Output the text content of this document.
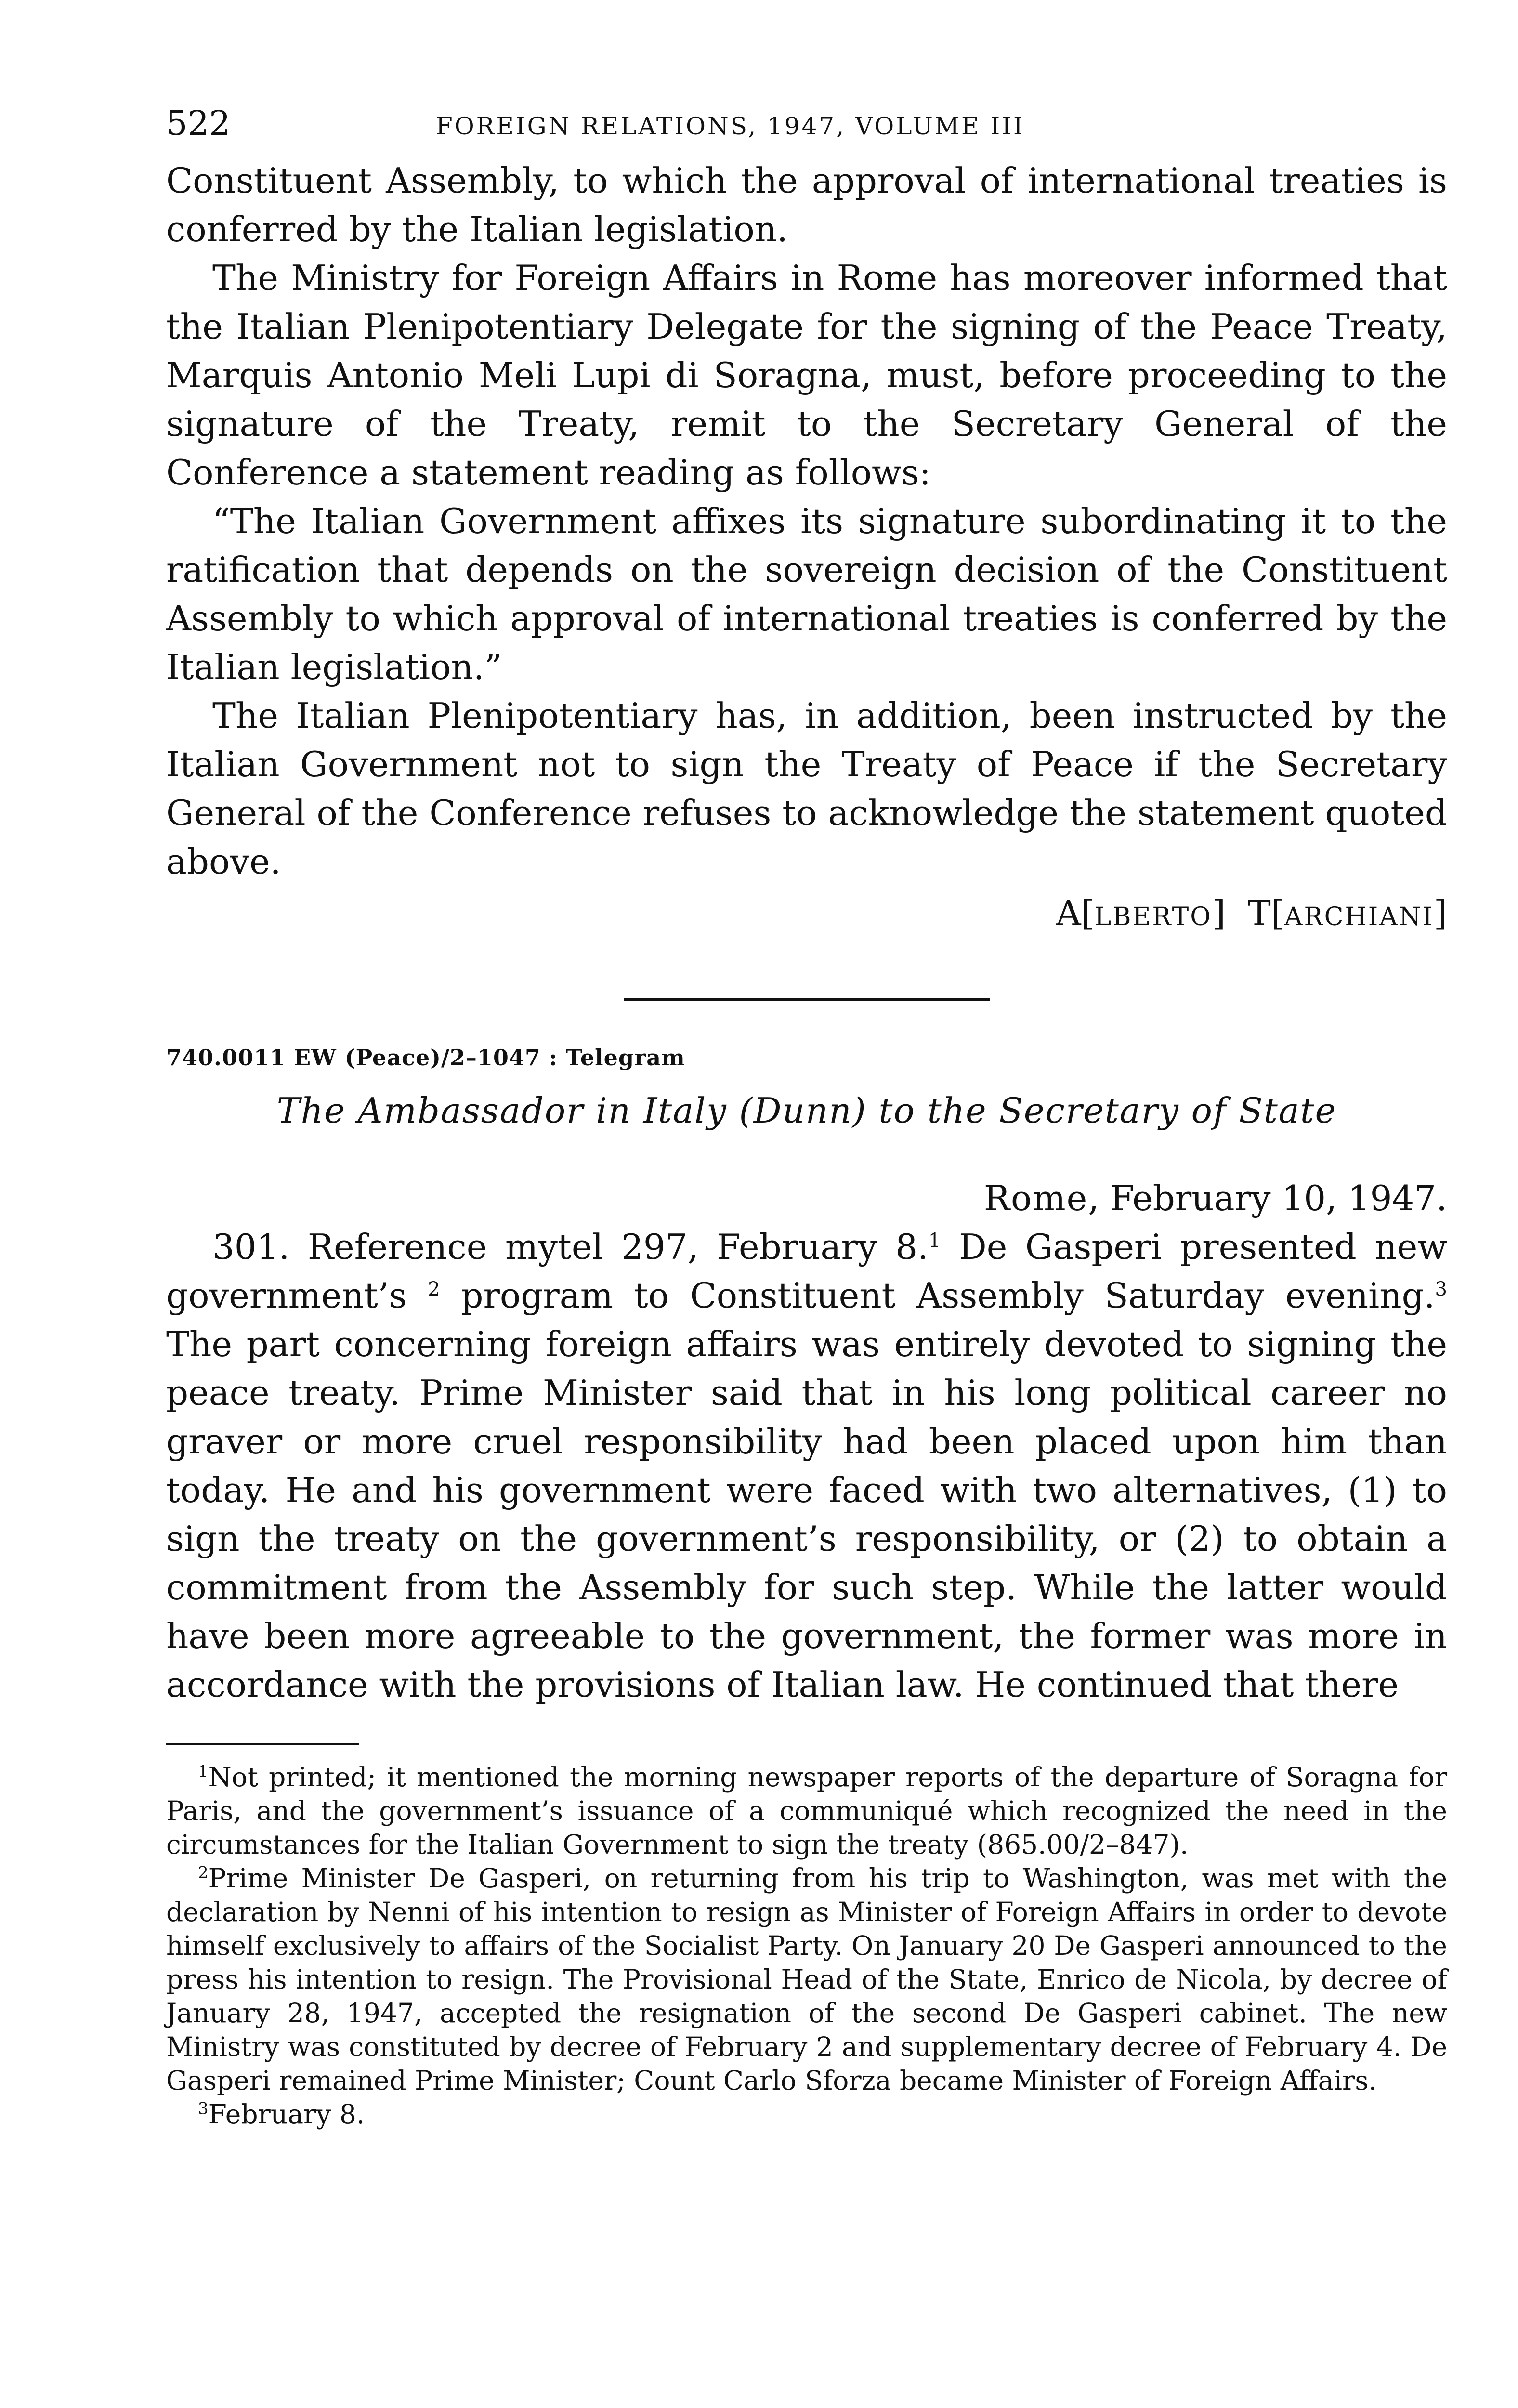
522	FOREIGN RELATIONS, 1947, VOLUME III

Constituent Assembly, to which the approval of international treaties is conferred by the Italian legislation.

The Ministry for Foreign Affairs in Rome has moreover informed that the Italian Plenipotentiary Delegate for the signing of the Peace Treaty, Marquis Antonio Meli Lupi di Soragna, must, before proceeding to the signature of the Treaty, remit to the Secretary General of the Conference a statement reading as follows:

“The Italian Government affixes its signature subordinating it to the ratification that depends on the sovereign decision of the Constituent Assembly to which approval of international treaties is conferred by the Italian legislation.”

The Italian Plenipotentiary has, in addition, been instructed by the Italian Government not to sign the Treaty of Peace if the Secretary General of the Conference refuses to acknowledge the statement quoted above.

A[LBERTO] T[ARCHIANI]
740.0011 EW (Peace)/2–1047 : Telegram
The Ambassador in Italy (Dunn) to the Secretary of State
Rome, February 10, 1947.

301. Reference mytel 297, February 8.$^1$ De Gasperi presented new government’s $^2$ program to Constituent Assembly Saturday evening.$^3$ The part concerning foreign affairs was entirely devoted to signing the peace treaty. Prime Minister said that in his long political career no graver or more cruel responsibility had been placed upon him than today. He and his government were faced with two alternatives, (1) to sign the treaty on the government’s responsibility, or (2) to obtain a commitment from the Assembly for such step. While the latter would have been more agreeable to the government, the former was more in accordance with the provisions of Italian law. He continued that there

$^1$Not printed; it mentioned the morning newspaper reports of the departure of Soragna for Paris, and the government’s issuance of a communiqué which recognized the need in the circumstances for the Italian Government to sign the treaty (865.00/2–847).

$^2$Prime Minister De Gasperi, on returning from his trip to Washington, was met with the declaration by Nenni of his intention to resign as Minister of Foreign Affairs in order to devote himself exclusively to affairs of the Socialist Party. On January 20 De Gasperi announced to the press his intention to resign. The Provisional Head of the State, Enrico de Nicola, by decree of January 28, 1947, accepted the resignation of the second De Gasperi cabinet. The new Ministry was constituted by decree of February 2 and supplementary decree of February 4. De Gasperi remained Prime Minister; Count Carlo Sforza became Minister of Foreign Affairs.

$^3$February 8.
